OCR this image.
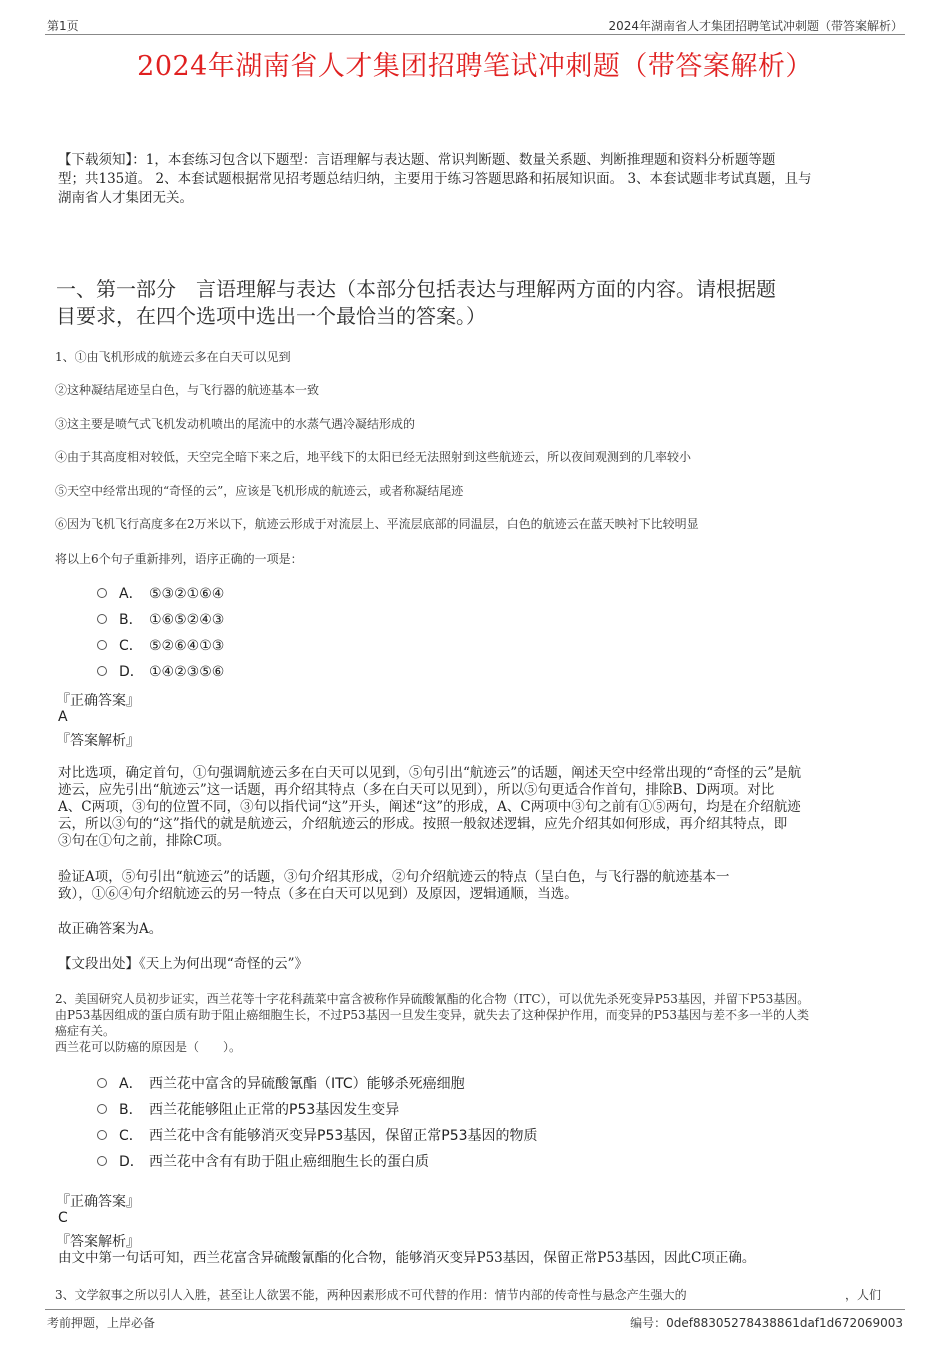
第1页	2024年湖南省人才集团招聘笔试冲刺题（带答案解析）
2024年湖南省人才集团招聘笔试冲刺题（带答案解析）
【下载须知】：1，本套练习包含以下题型：言语理解与表达题、常识判断题、数量关系题、判断推理题和资料分析题等题
型；共135道。 2、本套试题根据常见招考题总结归纳，主要用于练习答题思路和拓展知识面。 3、本套试题非考试真题，且与
湖南省人才集团无关。
一、第一部分　言语理解与表达（本部分包括表达与理解两方面的内容。请根据题
目要求，在四个选项中选出一个最恰当的答案。）
1、①由飞机形成的航迹云多在白天可以见到
②这种凝结尾迹呈白色，与飞行器的航迹基本一致
③这主要是喷气式飞机发动机喷出的尾流中的水蒸气遇冷凝结形成的
④由于其高度相对较低，天空完全暗下来之后，地平线下的太阳已经无法照射到这些航迹云，所以夜间观测到的几率较小
⑤天空中经常出现的“奇怪的云”，应该是飞机形成的航迹云，或者称凝结尾迹
⑥因为飞机飞行高度多在2万米以下，航迹云形成于对流层上、平流层底部的同温层，白色的航迹云在蓝天映衬下比较明显
将以上6个句子重新排列，语序正确的一项是：
A． ⑤③②①⑥④
B． ①⑥⑤②④③
C． ⑤②⑥④①③
D． ①④②③⑤⑥
『正确答案』
A
『答案解析』
对比选项，确定首句，①句强调航迹云多在白天可以见到，⑤句引出“航迹云”的话题，阐述天空中经常出现的“奇怪的云”是航
迹云，应先引出“航迹云”这一话题，再介绍其特点（多在白天可以见到），所以⑤句更适合作首句，排除B、D两项。对比
A、C两项，③句的位置不同，③句以指代词“这”开头，阐述“这”的形成，A、C两项中③句之前有①⑤两句，均是在介绍航迹
云，所以③句的“这”指代的就是航迹云，介绍航迹云的形成。按照一般叙述逻辑，应先介绍其如何形成，再介绍其特点，即
③句在①句之前，排除C项。
验证A项，⑤句引出“航迹云”的话题，③句介绍其形成，②句介绍航迹云的特点（呈白色，与飞行器的航迹基本一
致），①⑥④句介绍航迹云的另一特点（多在白天可以见到）及原因，逻辑通顺，当选。
故正确答案为A。
【文段出处】《天上为何出现“奇怪的云”》
2、美国研究人员初步证实，西兰花等十字花科蔬菜中富含被称作异硫酸氰酯的化合物（ITC），可以优先杀死变异P53基因，并留下P53基因。
由P53基因组成的蛋白质有助于阻止癌细胞生长，不过P53基因一旦发生变异，就失去了这种保护作用，而变异的P53基因与差不多一半的人类
癌症有关。
西兰花可以防癌的原因是（　　）。
A． 西兰花中富含的异硫酸氰酯（ITC）能够杀死癌细胞
B． 西兰花能够阻止正常的P53基因发生变异
C． 西兰花中含有能够消灭变异P53基因，保留正常P53基因的物质
D． 西兰花中含有有助于阻止癌细胞生长的蛋白质
『正确答案』
C
『答案解析』
由文中第一句话可知，西兰花富含异硫酸氰酯的化合物，能够消灭变异P53基因，保留正常P53基因，因此C项正确。
3、文学叙事之所以引人入胜，甚至让人欲罢不能，两种因素形成不可代替的作用：情节内部的传奇性与悬念产生强大的	，人们
考前押题，上岸必备	编号：0def88305278438861daf1d672069003
